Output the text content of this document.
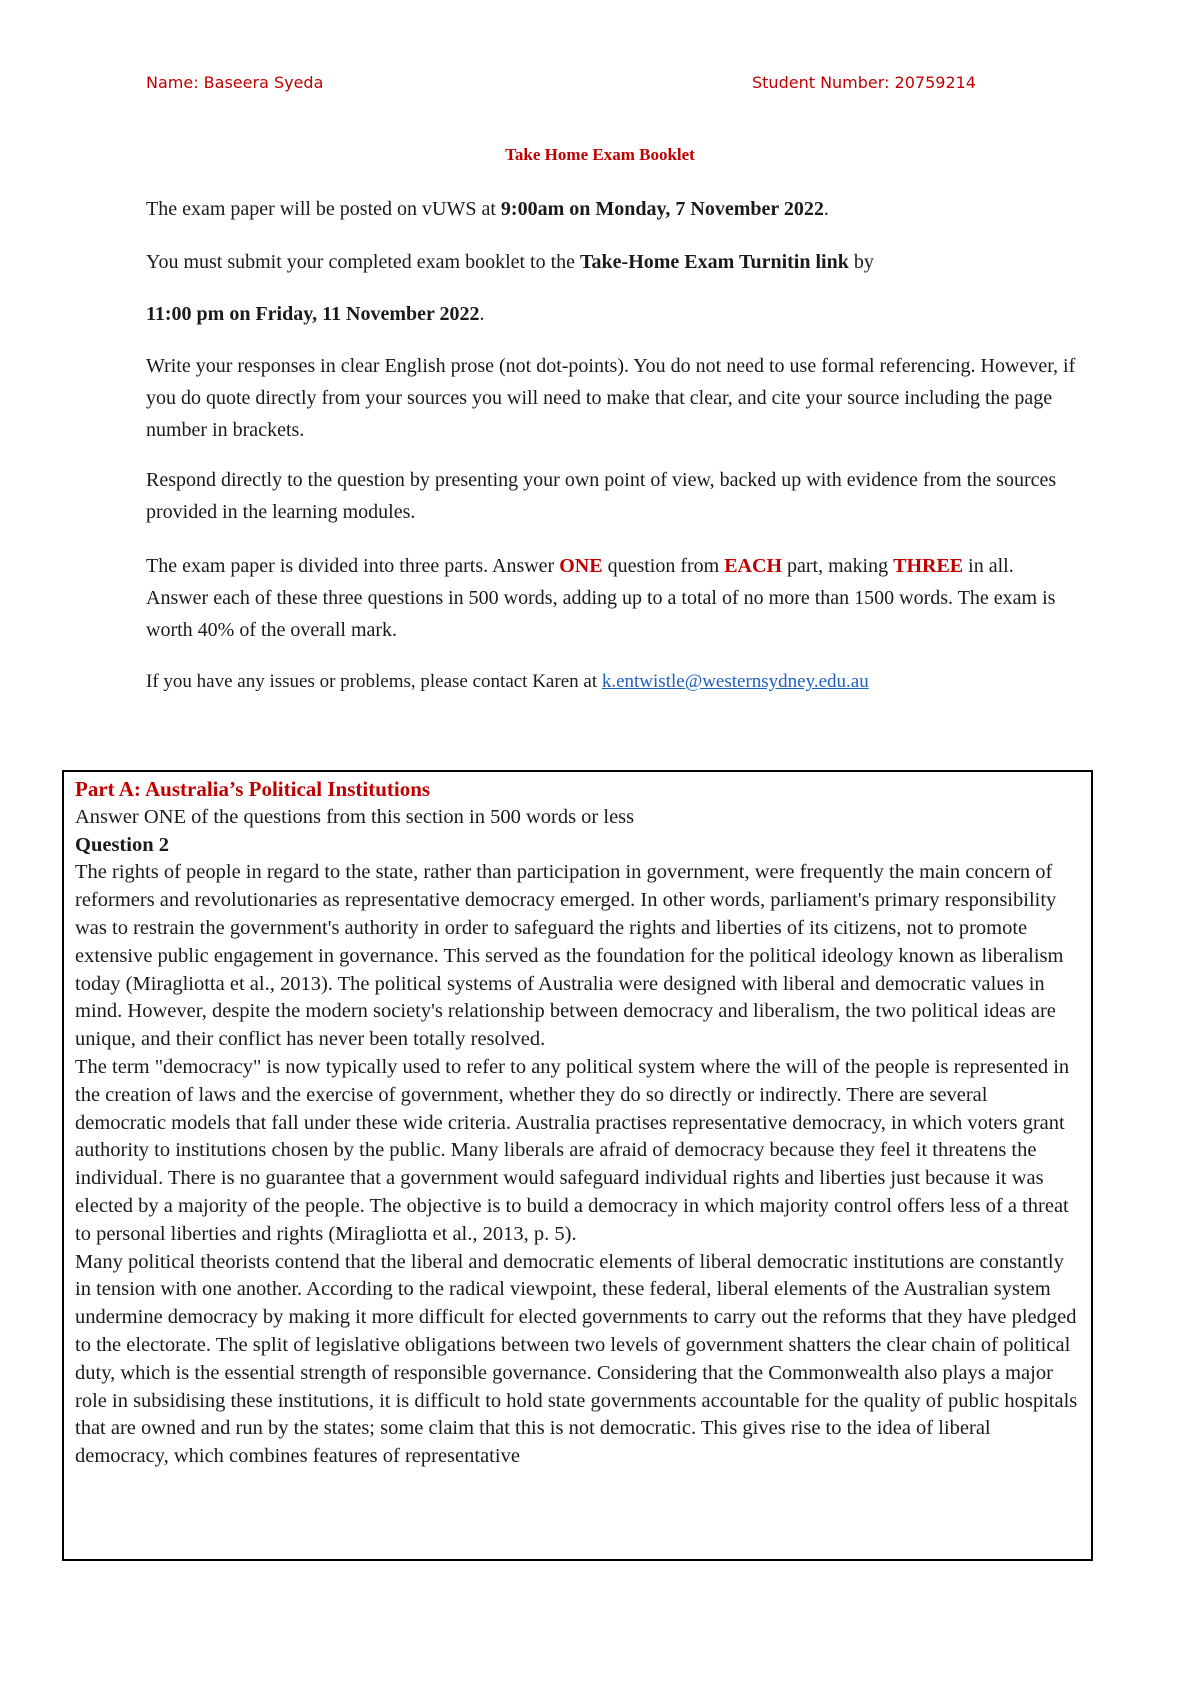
Name: Baseera Syeda	Student Number: 20759214
Take Home Exam Booklet

The exam paper will be posted on vUWS at 9:00am on Monday, 7 November 2022.

You must submit your completed exam booklet to the Take-Home Exam Turnitin link by

11:00 pm on Friday, 11 November 2022.

Write your responses in clear English prose (not dot-points). You do not need to use formal referencing. However, if you do quote directly from your sources you will need to make that clear, and cite your source including the page number in brackets.

Respond directly to the question by presenting your own point of view, backed up with evidence from the sources provided in the learning modules.

The exam paper is divided into three parts. Answer ONE question from EACH part, making THREE in all. Answer each of these three questions in 500 words, adding up to a total of no more than 1500 words. The exam is worth 40% of the overall mark.

If you have any issues or problems, please contact Karen at k.entwistle@westernsydney.edu.au

Part A: Australia’s Political Institutions

Answer ONE of the questions from this section in 500 words or less

Question 2

The rights of people in regard to the state, rather than participation in government, were frequently the main concern of reformers and revolutionaries as representative democracy emerged. In other words, parliament's primary responsibility was to restrain the government's authority in order to safeguard the rights and liberties of its citizens, not to promote extensive public engagement in governance. This served as the foundation for the political ideology known as liberalism today (Miragliotta et al., 2013). The political systems of Australia were designed with liberal and democratic values in mind. However, despite the modern society's relationship between democracy and liberalism, the two political ideas are unique, and their conflict has never been totally resolved.

The term "democracy" is now typically used to refer to any political system where the will of the people is represented in the creation of laws and the exercise of government, whether they do so directly or indirectly. There are several democratic models that fall under these wide criteria. Australia practises representative democracy, in which voters grant authority to institutions chosen by the public. Many liberals are afraid of democracy because they feel it threatens the individual. There is no guarantee that a government would safeguard individual rights and liberties just because it was elected by a majority of the people. The objective is to build a democracy in which majority control offers less of a threat to personal liberties and rights (Miragliotta et al., 2013, p. 5).

Many political theorists contend that the liberal and democratic elements of liberal democratic institutions are constantly in tension with one another. According to the radical viewpoint, these federal, liberal elements of the Australian system undermine democracy by making it more difficult for elected governments to carry out the reforms that they have pledged to the electorate. The split of legislative obligations between two levels of government shatters the clear chain of political duty, which is the essential strength of responsible governance. Considering that the Commonwealth also plays a major role in subsidising these institutions, it is difficult to hold state governments accountable for the quality of public hospitals that are owned and run by the states; some claim that this is not democratic. This gives rise to the idea of liberal democracy, which combines features of representative
